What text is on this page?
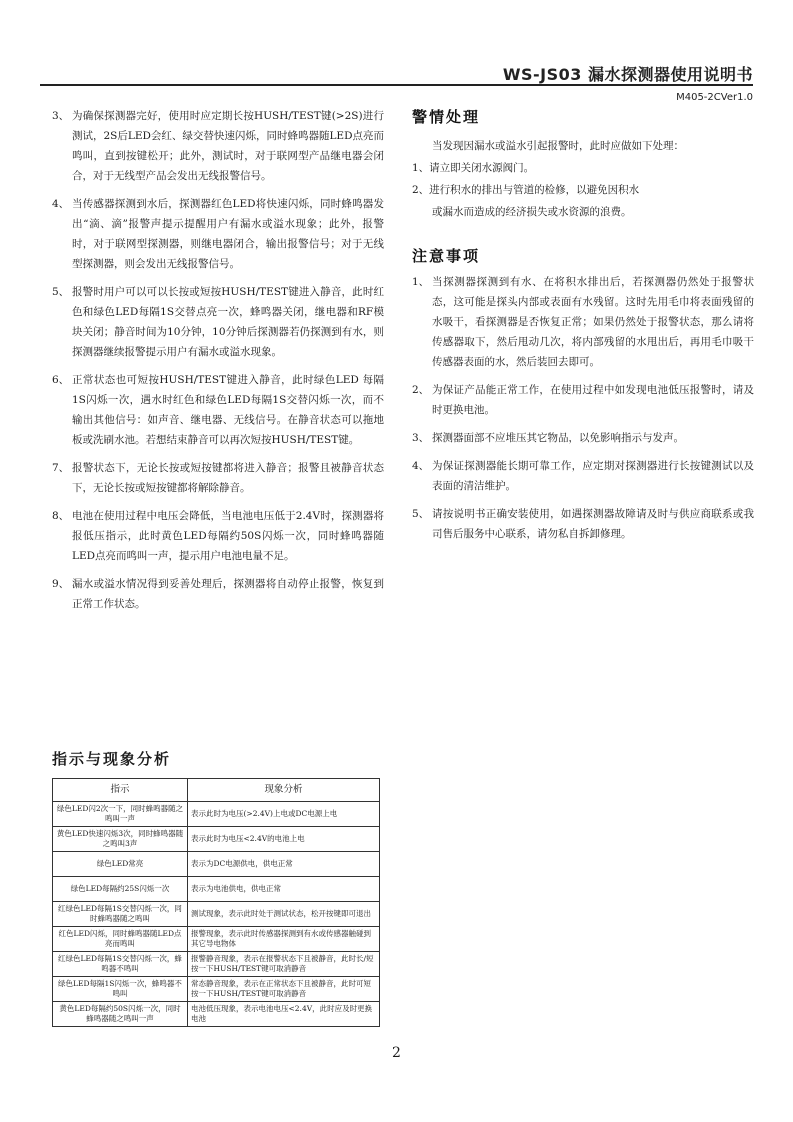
WS-JS03 漏水探测器使用说明书
M405-2CVer1.0
3、 为确保探测器完好，使用时应定期长按HUSH/TEST键(>2S)进行测试，2S后LED会红、绿交替快速闪烁，同时蜂鸣器随LED点亮而鸣叫，直到按键松开；此外，测试时，对于联网型产品继电器会闭合，对于无线型产品会发出无线报警信号。
4、 当传感器探测到水后，探测器红色LED将快速闪烁，同时蜂鸣器发出“滴、滴”报警声提示提醒用户有漏水或溢水现象；此外，报警时，对于联网型探测器，则继电器闭合，输出报警信号；对于无线型探测器，则会发出无线报警信号。
5、 报警时用户可以可以长按或短按HUSH/TEST键进入静音，此时红色和绿色LED每隔1S交替点亮一次，蜂鸣器关闭，继电器和RF模块关闭；静音时间为10分钟，10分钟后探测器若仍探测到有水，则探测器继续报警提示用户有漏水或溢水现象。
6、 正常状态也可短按HUSH/TEST键进入静音，此时绿色LED 每隔1S闪烁一次，遇水时红色和绿色LED每隔1S交替闪烁一次，而不输出其他信号：如声音、继电器、无线信号。在静音状态可以拖地板或洗刷水池。若想结束静音可以再次短按HUSH/TEST键。
7、 报警状态下，无论长按或短按键都将进入静音；报警且被静音状态下，无论长按或短按键都将解除静音。
8、 电池在使用过程中电压会降低，当电池电压低于2.4V时，探测器将报低压指示，此时黄色LED每隔约50S闪烁一次，同时蜂鸣器随LED点亮而鸣叫一声，提示用户电池电量不足。
9、 漏水或溢水情况得到妥善处理后，探测器将自动停止报警，恢复到正常工作状态。
警情处理
当发现因漏水或溢水引起报警时，此时应做如下处理：
1、请立即关闭水源阀门。
2、进行积水的排出与管道的检修，以避免因积水
或漏水而造成的经济损失或水资源的浪费。
注意事项
1、 当探测器探测到有水、在将积水排出后，若探测器仍然处于报警状态，这可能是探头内部或表面有水残留。这时先用毛巾将表面残留的水吸干，看探测器是否恢复正常；如果仍然处于报警状态，那么请将传感器取下，然后甩动几次，将内部残留的水甩出后，再用毛巾吸干传感器表面的水，然后装回去即可。
2、 为保证产品能正常工作，在使用过程中如发现电池低压报警时，请及时更换电池。
3、 探测器面部不应堆压其它物品，以免影响指示与发声。
4、 为保证探测器能长期可靠工作，应定期对探测器进行长按键测试以及表面的清洁维护。
5、 请按说明书正确安装使用，如遇探测器故障请及时与供应商联系或我司售后服务中心联系，请勿私自拆卸修理。
指示与现象分析
指示	现象分析
绿色LED闪2次一下，同时蜂鸣器随之鸣叫一声	表示此时为电压(>2.4V)上电或DC电源上电
黄色LED快速闪烁3次，同时蜂鸣器随之鸣叫3声	表示此时为电压<2.4V的电池上电
绿色LED常亮	表示为DC电源供电，供电正常
绿色LED每隔约25S闪烁一次	表示为电池供电，供电正常
红绿色LED每隔1S交替闪烁一次，同时蜂鸣器随之鸣叫	测试现象，表示此时处于测试状态，松开按键即可退出
红色LED闪烁，同时蜂鸣器随LED点亮而鸣叫	报警现象，表示此时传感器探测到有水或传感器触碰到其它导电物体
红绿色LED每隔1S交替闪烁一次，蜂鸣器不鸣叫	报警静音现象，表示在报警状态下且被静音，此时长/短按一下HUSH/TEST键可取消静音
绿色LED每隔1S闪烁一次，蜂鸣器不鸣叫	常态静音现象，表示在正常状态下且被静音，此时可短按一下HUSH/TEST键可取消静音
黄色LED每隔约50S闪烁一次，同时蜂鸣器随之鸣叫一声	电池低压现象，表示电池电压<2.4V，此时应及时更换电池
2
